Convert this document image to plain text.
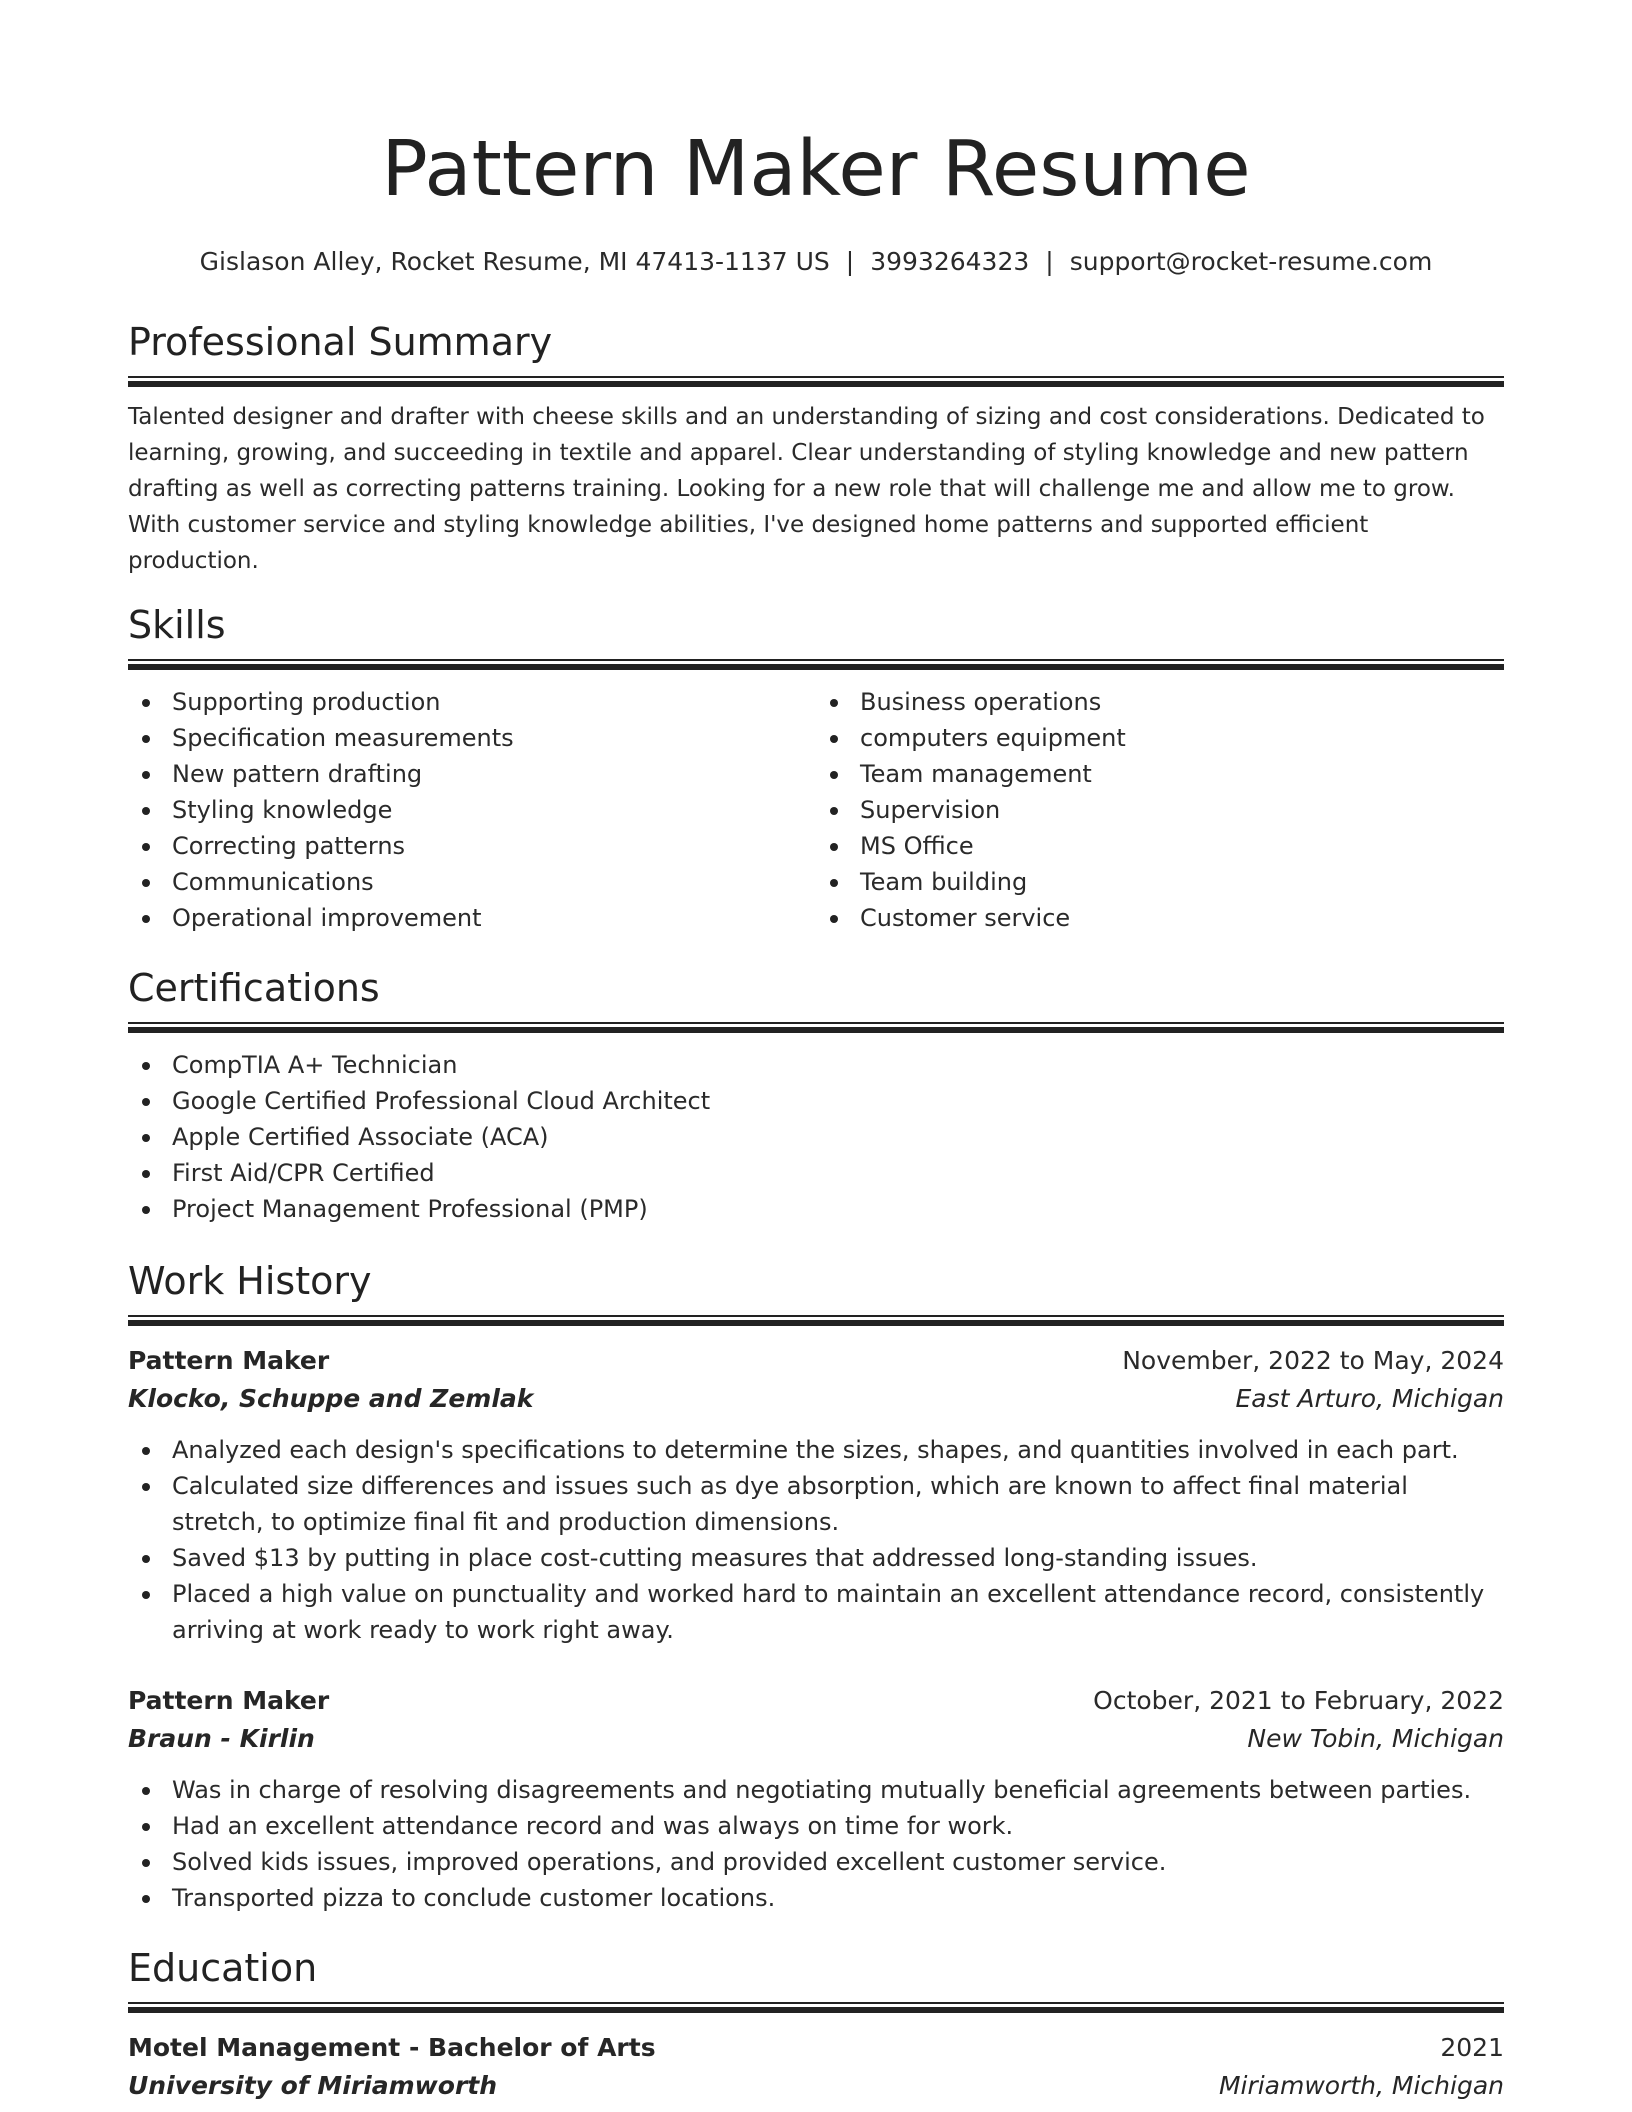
Pattern Maker Resume
Gislason Alley, Rocket Resume, MI 47413-1137 US | 3993264323 | support@rocket-resume.com
Professional Summary

Talented designer and drafter with cheese skills and an understanding of sizing and cost considerations. Dedicated to learning, growing, and succeeding in textile and apparel. Clear understanding of styling knowledge and new pattern drafting as well as correcting patterns training. Looking for a new role that will challenge me and allow me to grow. With customer service and styling knowledge abilities, I've designed home patterns and supported efficient production.

Skills
Supporting production
Specification measurements
New pattern drafting
Styling knowledge
Correcting patterns
Communications
Operational improvement
Business operations
computers equipment
Team management
Supervision
MS Office
Team building
Customer service
Certifications
CompTIA A+ Technician
Google Certified Professional Cloud Architect
Apple Certified Associate (ACA)
First Aid/CPR Certified
Project Management Professional (PMP)
Work History
Pattern Maker	November, 2022 to May, 2024
Klocko, Schuppe and Zemlak	East Arturo, Michigan
Analyzed each design's specifications to determine the sizes, shapes, and quantities involved in each part.
Calculated size differences and issues such as dye absorption, which are known to affect final material stretch, to optimize final fit and production dimensions.
Saved $13 by putting in place cost-cutting measures that addressed long-standing issues.
Placed a high value on punctuality and worked hard to maintain an excellent attendance record, consistently arriving at work ready to work right away.
Pattern Maker	October, 2021 to February, 2022
Braun - Kirlin	New Tobin, Michigan
Was in charge of resolving disagreements and negotiating mutually beneficial agreements between parties.
Had an excellent attendance record and was always on time for work.
Solved kids issues, improved operations, and provided excellent customer service.
Transported pizza to conclude customer locations.
Education
Motel Management - Bachelor of Arts	2021
University of Miriamworth	Miriamworth, Michigan
